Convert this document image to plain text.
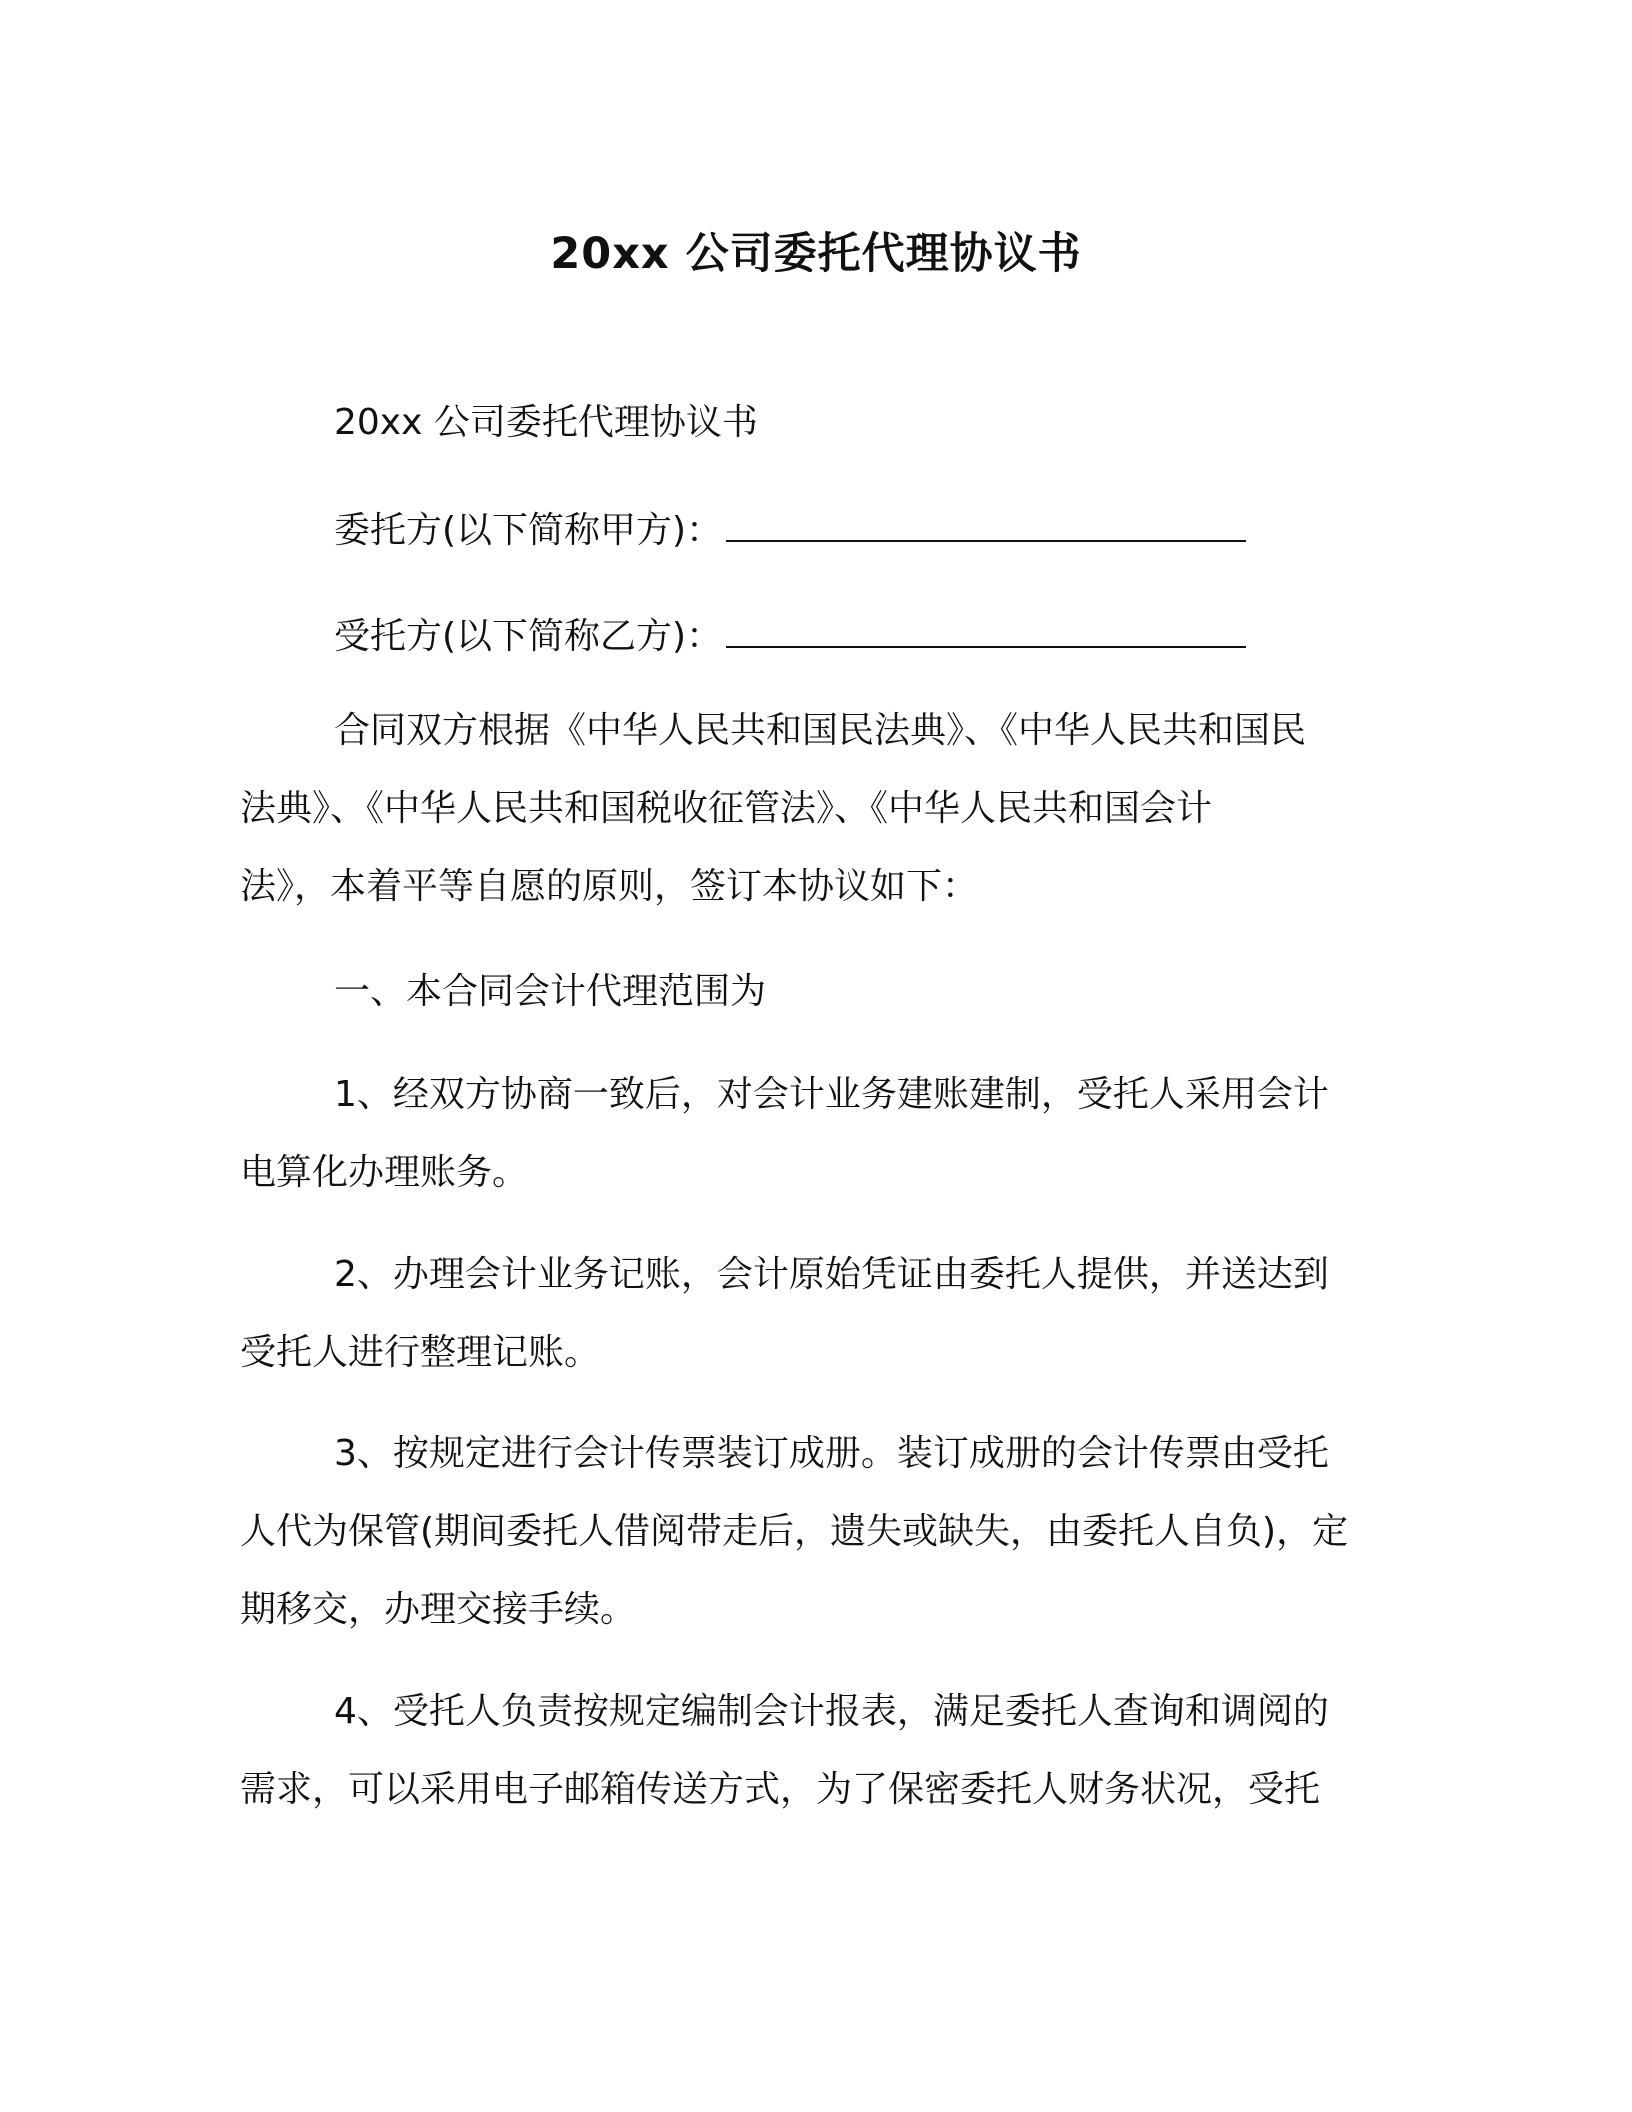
20xx 公司委托代理协议书
20xx 公司委托代理协议书
委托方(以下简称甲方)：
受托方(以下简称乙方)：
合同双方根据《中华人民共和国民法典》、《中华人民共和国民
法典》、《中华人民共和国税收征管法》、《中华人民共和国会计
法》，本着平等自愿的原则，签订本协议如下：
一、本合同会计代理范围为
1、经双方协商一致后，对会计业务建账建制，受托人采用会计
电算化办理账务。
2、办理会计业务记账，会计原始凭证由委托人提供，并送达到
受托人进行整理记账。
3、按规定进行会计传票装订成册。装订成册的会计传票由受托
人代为保管(期间委托人借阅带走后，遗失或缺失，由委托人自负)，定
期移交，办理交接手续。
4、受托人负责按规定编制会计报表，满足委托人查询和调阅的
需求，可以采用电子邮箱传送方式，为了保密委托人财务状况，受托
